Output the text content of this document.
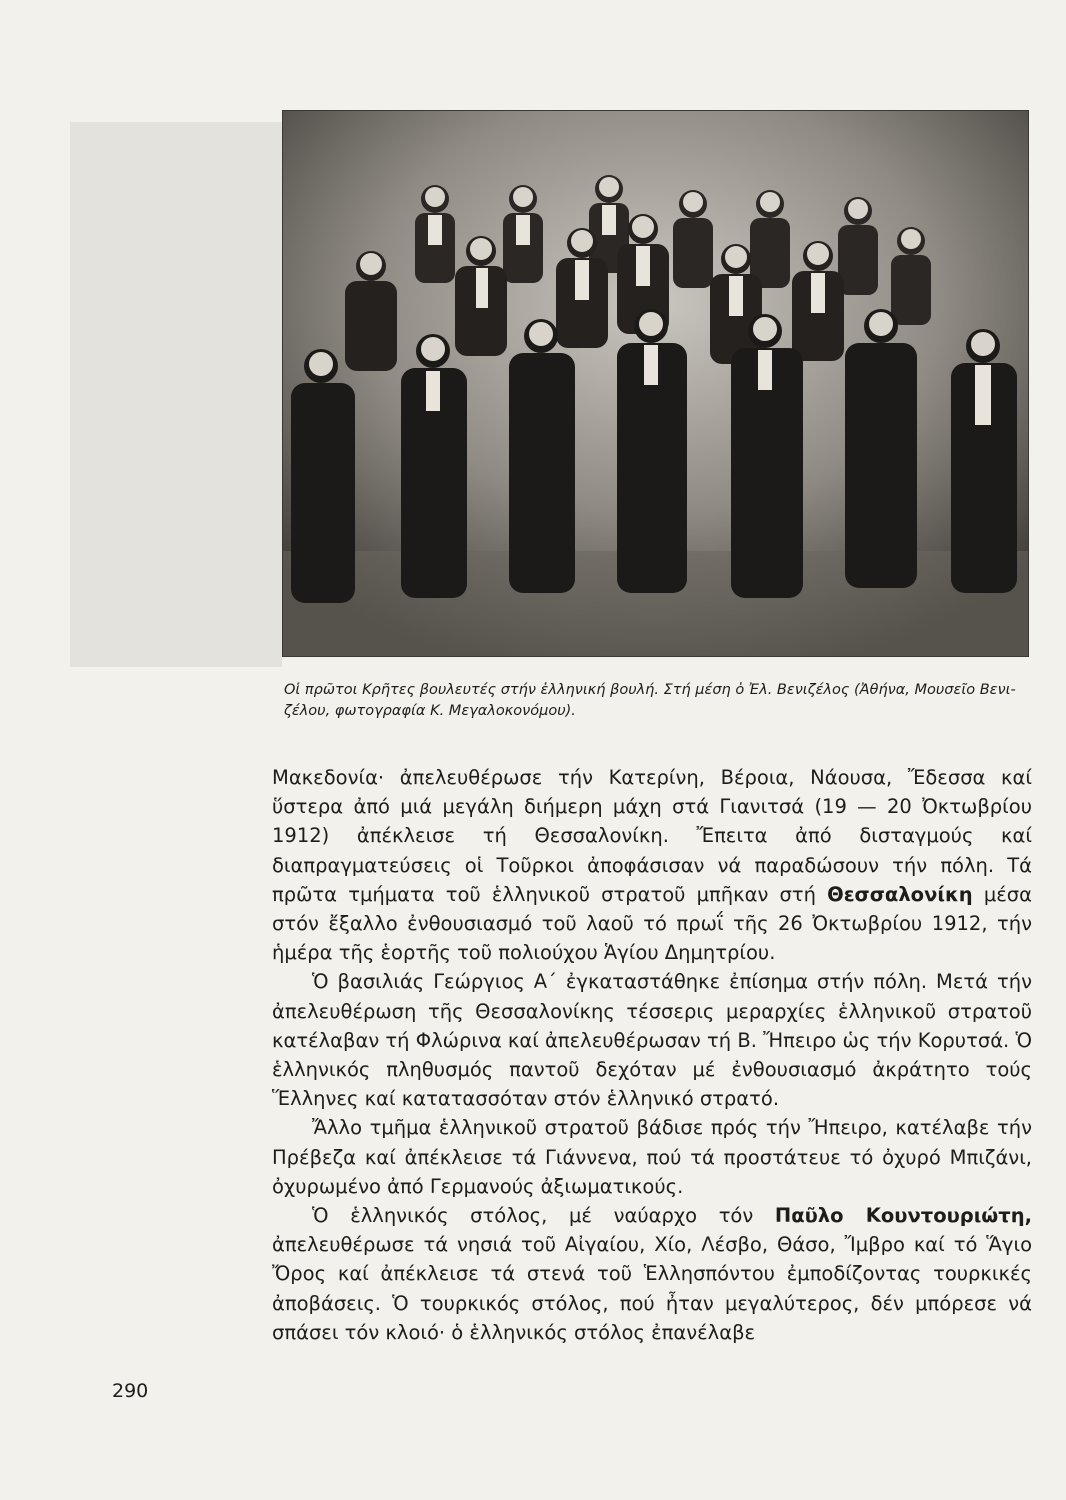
Οἱ πρῶτοι Κρῆτες βουλευτές στήν ἑλληνική βουλή. Στή μέση ὁ Ἐλ. Βενιζέλος (Ἀθήνα, Μουσεῖο Βενι-
ζέλου, φωτογραφία Κ. Μεγαλοκονόμου).

Μακεδονία· ἀπελευθέρωσε τήν Κατερίνη, Βέροια, Νάουσα, Ἔδεσσα καί ὕστερα ἀπό μιά μεγάλη διήμερη μάχη στά Γιανιτσά (19 — 20 Ὀκτωβρίου 1912) ἀπέκλεισε τή Θεσσαλονίκη. Ἔπειτα ἀπό δισταγμούς καί διαπραγματεύσεις οἱ Τοῦρκοι ἀποφάσισαν νά παραδώσουν τήν πόλη. Τά πρῶτα τμήματα τοῦ ἑλληνικοῦ στρατοῦ μπῆκαν στή Θεσσαλονίκη μέσα στόν ἔξαλλο ἐνθουσιασμό τοῦ λαοῦ τό πρωΐ τῆς 26 Ὀκτωβρίου 1912, τήν ἡμέρα τῆς ἑορτῆς τοῦ πολιούχου Ἁγίου Δημητρίου.

Ὁ βασιλιάς Γεώργιος Α΄ ἐγκαταστάθηκε ἐπίσημα στήν πόλη. Μετά τήν ἀπελευθέρωση τῆς Θεσσαλονίκης τέσσερις μεραρχίες ἑλληνικοῦ στρατοῦ κατέλαβαν τή Φλώρινα καί ἀπελευθέρωσαν τή Β. Ἤπειρο ὡς τήν Κορυτσά. Ὁ ἑλληνικός πληθυσμός παντοῦ δεχόταν μέ ἐνθουσιασμό ἀκράτητο τούς Ἕλληνες καί κατατασσόταν στόν ἑλληνικό στρατό.

Ἄλλο τμῆμα ἑλληνικοῦ στρατοῦ βάδισε πρός τήν Ἤπειρο, κατέλαβε τήν Πρέβεζα καί ἀπέκλεισε τά Γιάννενα, πού τά προστάτευε τό ὀχυρό Μπιζάνι, ὀχυρωμένο ἀπό Γερμανούς ἀξιωματικούς.

Ὁ ἑλληνικός στόλος, μέ ναύαρχο τόν Παῦλο Κουντουριώτη, ἀπελευθέρωσε τά νησιά τοῦ Αἰγαίου, Χίο, Λέσβο, Θάσο, Ἴμβρο καί τό Ἅγιο Ὄρος καί ἀπέκλεισε τά στενά τοῦ Ἑλλησπόντου ἐμποδίζοντας τουρκικές ἀποβάσεις. Ὁ τουρκικός στόλος, πού ἦταν μεγαλύτερος, δέν μπόρεσε νά σπάσει τόν κλοιό· ὁ ἑλληνικός στόλος ἐπανέλαβε

290
